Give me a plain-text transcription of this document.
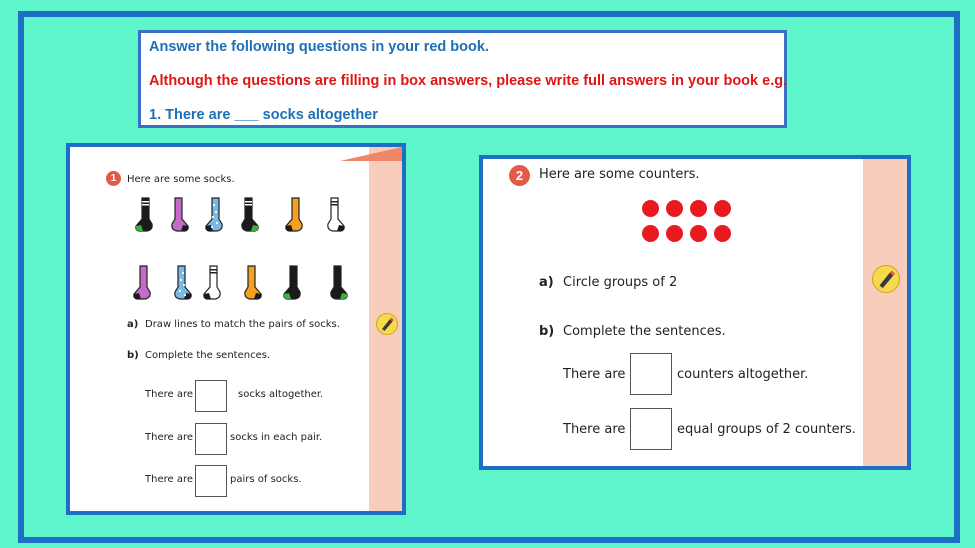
Answer the following questions in your red book.
Although the questions are filling in box answers, please write full answers in your book e.g.
1. There are ___ socks altogether
1	Here are some socks.
a) Draw lines to match the pairs of socks.
b) Complete the sentences.
There are	socks altogether.
There are	socks in each pair.
There are	pairs of socks.
2	Here are some counters.
a) Circle groups of 2
b) Complete the sentences.
There are	counters altogether.
There are	equal groups of 2 counters.
